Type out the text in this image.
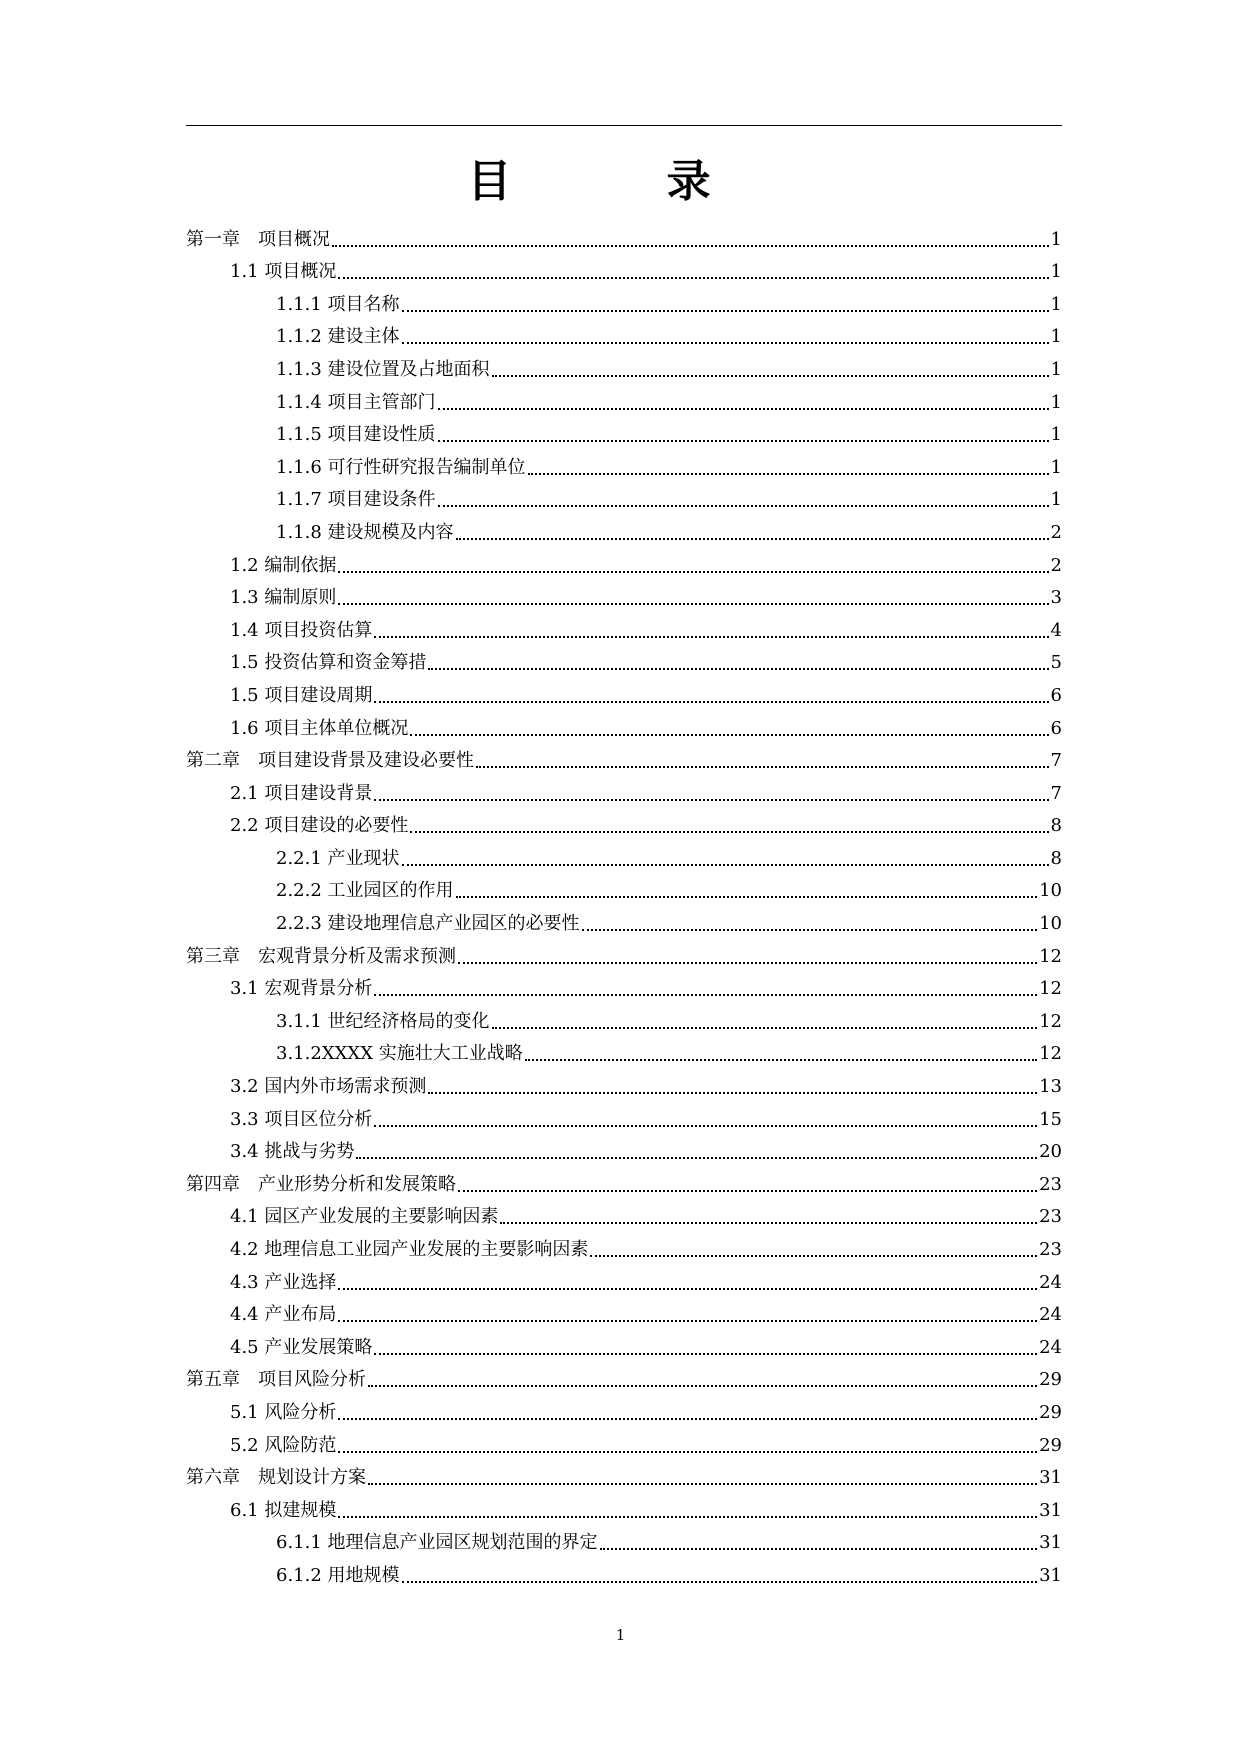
目 录
第一章　项目概况	1
1.1 项目概况	1
1.1.1 项目名称	1
1.1.2 建设主体	1
1.1.3 建设位置及占地面积	1
1.1.4 项目主管部门	1
1.1.5 项目建设性质	1
1.1.6 可行性研究报告编制单位	1
1.1.7 项目建设条件	1
1.1.8 建设规模及内容	2
1.2 编制依据	2
1.3 编制原则	3
1.4 项目投资估算	4
1.5 投资估算和资金筹措	5
1.5 项目建设周期	6
1.6 项目主体单位概况	6
第二章　项目建设背景及建设必要性	7
2.1 项目建设背景	7
2.2 项目建设的必要性	8
2.2.1 产业现状	8
2.2.2 工业园区的作用	10
2.2.3 建设地理信息产业园区的必要性	10
第三章　宏观背景分析及需求预测	12
3.1 宏观背景分析	12
3.1.1 世纪经济格局的变化	12
3.1.2XXXX 实施壮大工业战略	12
3.2 国内外市场需求预测	13
3.3 项目区位分析	15
3.4 挑战与劣势	20
第四章　产业形势分析和发展策略	23
4.1 园区产业发展的主要影响因素	23
4.2 地理信息工业园产业发展的主要影响因素	23
4.3 产业选择	24
4.4 产业布局	24
4.5 产业发展策略	24
第五章　项目风险分析	29
5.1 风险分析	29
5.2 风险防范	29
第六章　规划设计方案	31
6.1 拟建规模	31
6.1.1 地理信息产业园区规划范围的界定	31
6.1.2 用地规模	31
1
